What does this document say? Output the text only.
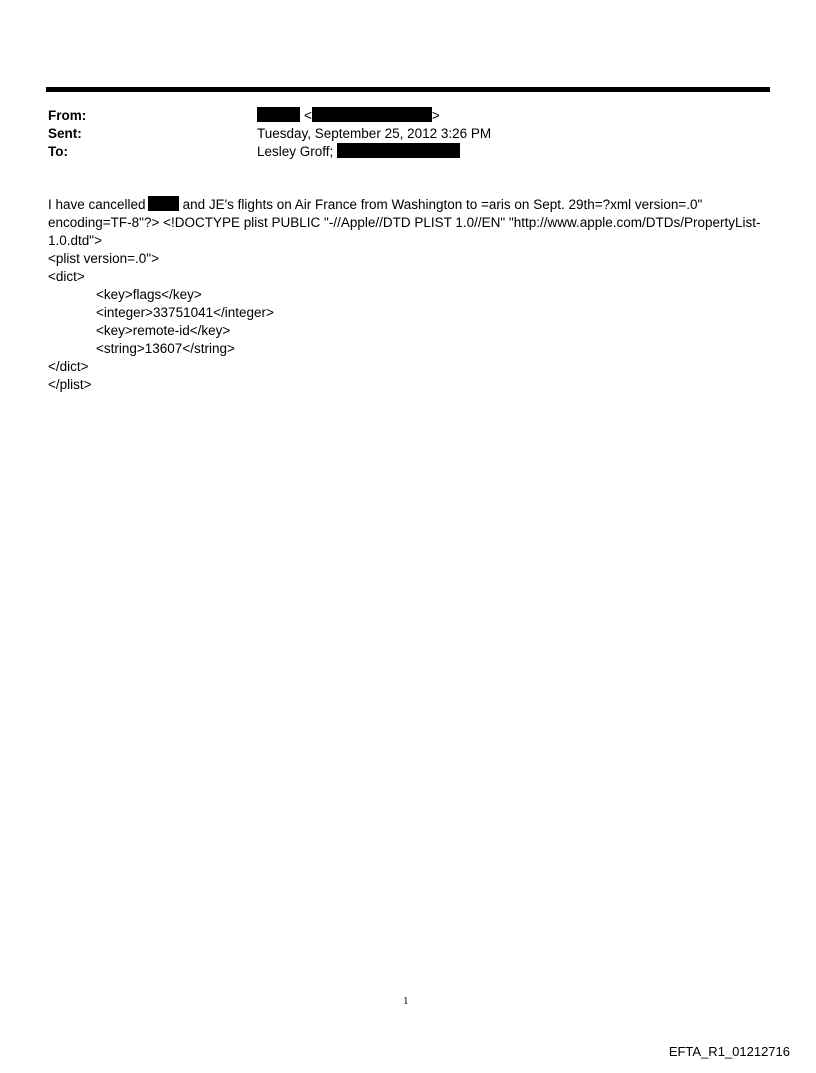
From:	<	>
Sent:	Tuesday, September 25, 2012 3:26 PM
To:	Lesley Groff;
I have cancelled	and JE's flights on Air France from Washington to =aris on Sept. 29th=?xml version=.0"
encoding=TF-8"?> <!DOCTYPE plist PUBLIC "-//Apple//DTD PLIST 1.0//EN" "http://www.apple.com/DTDs/PropertyList-
1.0.dtd">
<plist version=.0">
<dict>
<key>flags</key>
<integer>33751041</integer>
<key>remote-id</key>
<string>13607</string>
</dict>
</plist>
1
EFTA_R1_01212716
